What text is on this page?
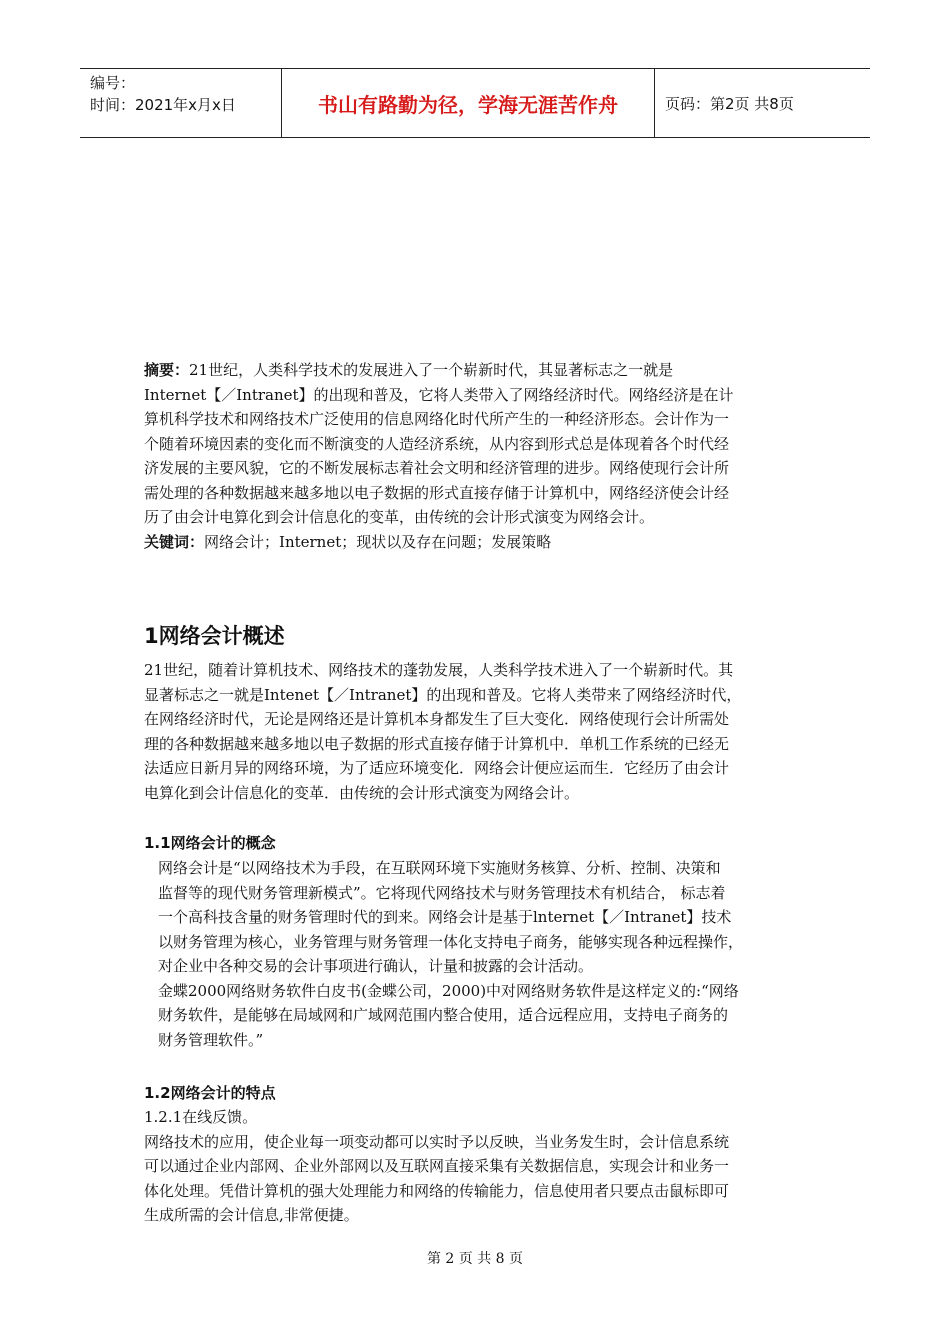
编号：
时间：2021年x月x日	书山有路勤为径，学海无涯苦作舟	页码：第2页 共8页
摘要：21世纪，人类科学技术的发展进入了一个崭新时代，其显著标志之一就是
Internet【／Intranet】的出现和普及，它将人类带入了网络经济时代。网络经济是在计
算机科学技术和网络技术广泛使用的信息网络化时代所产生的一种经济形态。会计作为一
个随着环境因素的变化而不断演变的人造经济系统，从内容到形式总是体现着各个时代经
济发展的主要风貌，它的不断发展标志着社会文明和经济管理的进步。网络使现行会计所
需处理的各种数据越来越多地以电子数据的形式直接存储于计算机中，网络经济使会计经
历了由会计电算化到会计信息化的变革，由传统的会计形式演变为网络会计。
关键词：网络会计；Internet；现状以及存在问题；发展策略
1网络会计概述
21世纪，随着计算机技术、网络技术的蓬勃发展，人类科学技术进入了一个崭新时代。其
显著标志之一就是Intenet【／Intranet】的出现和普及。它将人类带来了网络经济时代，
在网络经济时代，无论是网络还是计算机本身都发生了巨大变化．网络使现行会计所需处
理的各种数据越来越多地以电子数据的形式直接存储于计算机中．单机工作系统的已经无
法适应日新月异的网络环境，为了适应环境变化．网络会计便应运而生．它经历了由会计
电算化到会计信息化的变革．由传统的会计形式演变为网络会计。
1.1网络会计的概念
网络会计是“以网络技术为手段，在互联网环境下实施财务核算、分析、控制、决策和
监督等的现代财务管理新模式”。它将现代网络技术与财务管理技术有机结合， 标志着
一个高科技含量的财务管理时代的到来。网络会计是基于lnternet【／Intranet】技术
以财务管理为核心，业务管理与财务管理一体化支持电子商务，能够实现各种远程操作，
对企业中各种交易的会计事项进行确认，计量和披露的会计活动。
金蝶2000网络财务软件白皮书(金蝶公司，2000)中对网络财务软件是这样定义的:“网络
财务软件，是能够在局域网和广域网范围内整合使用，适合远程应用，支持电子商务的
财务管理软件。”
1.2网络会计的特点
1.2.1在线反馈。
网络技术的应用，使企业每一项变动都可以实时予以反映，当业务发生时，会计信息系统
可以通过企业内部网、企业外部网以及互联网直接采集有关数据信息，实现会计和业务一
体化处理。凭借计算机的强大处理能力和网络的传输能力，信息使用者只要点击鼠标即可
生成所需的会计信息,非常便捷。
第 2 页 共 8 页
